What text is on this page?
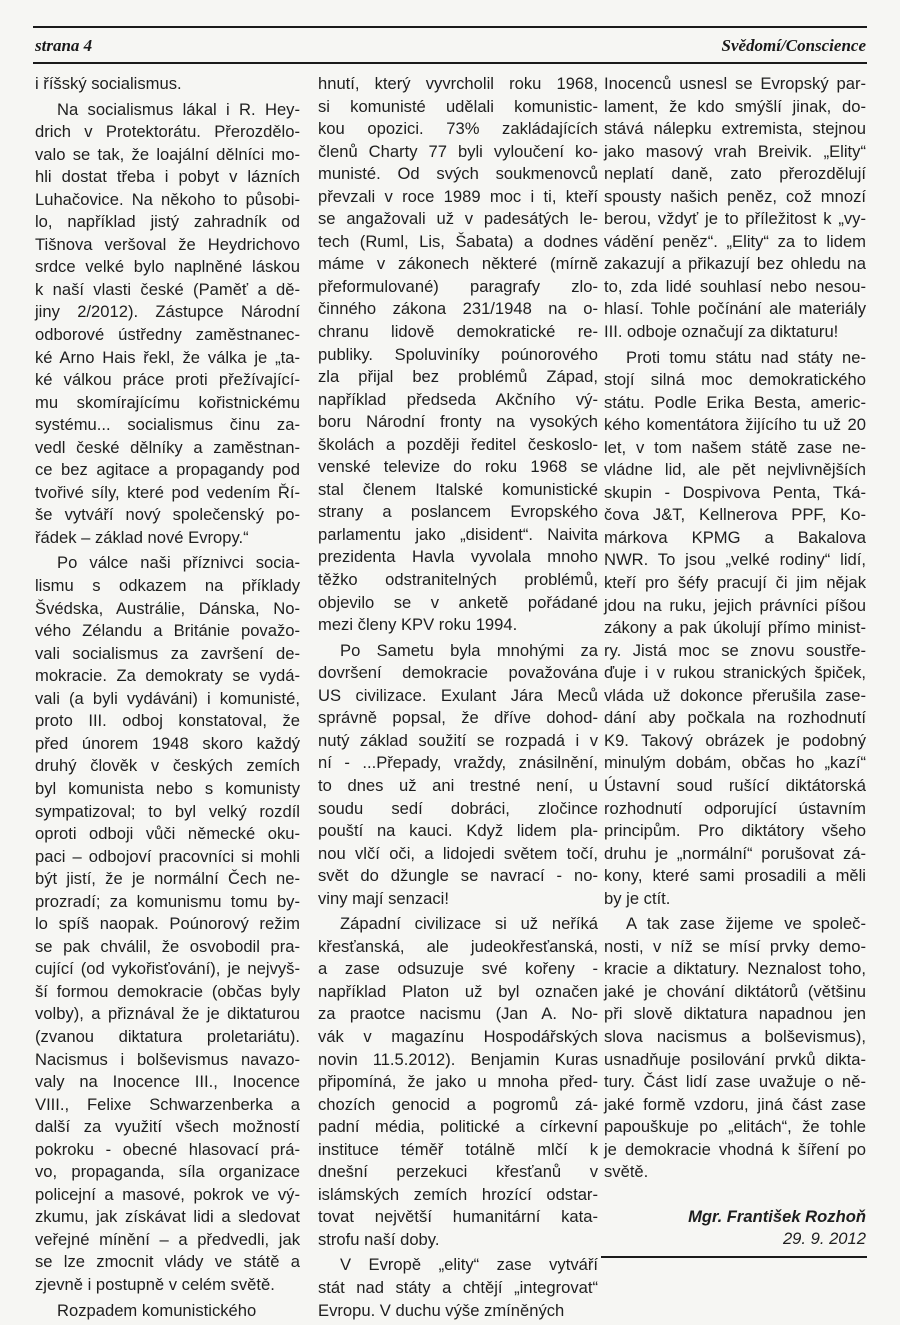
strana 4	Svědomí/Conscience

i říšský socialismus.

Na socialismus lákal i R. Hey-
drich v Protektorátu. Přerozdělo-
valo se tak, že loajální dělníci mo-
hli dostat třeba i pobyt v lázních
Luhačovice. Na někoho to působi-
lo, například jistý zahradník od
Tišnova veršoval že Heydrichovo
srdce velké bylo naplněné láskou
k naší vlasti české (Paměť a dě-
jiny 2/2012). Zástupce Národní
odborové ústředny zaměstnanec-
ké Arno Hais řekl, že válka je „ta-
ké válkou práce proti přežívající-
mu skomírajícímu kořistnickému
systému... socialismus činu za-
vedl české dělníky a zaměstnan-
ce bez agitace a propagandy pod
tvořivé síly, které pod vedením Ří-
še vytváří nový společenský po-
řádek – základ nové Evropy.“

Po válce naši příznivci socia-
lismu s odkazem na příklady
Švédska, Austrálie, Dánska, No-
vého Zélandu a Británie považo-
vali socialismus za završení de-
mokracie. Za demokraty se vydá-
vali (a byli vydáváni) i komunisté,
proto III. odboj konstatoval, že
před únorem 1948 skoro každý
druhý člověk v českých zemích
byl komunista nebo s komunisty
sympatizoval; to byl velký rozdíl
oproti odboji vůči německé oku-
paci – odbojoví pracovníci si mohli
být jistí, že je normální Čech ne-
prozradí; za komunismu tomu by-
lo spíš naopak. Poúnorový režim
se pak chválil, že osvobodil pra-
cující (od vykořisťování), je nejvyš-
ší formou demokracie (občas byly
volby), a přiznával že je diktaturou
(zvanou diktatura proletariátu).
Nacismus i bolševismus navazo-
valy na Inocence III., Inocence
VIII., Felixe Schwarzenberka a
další za využití všech možností
pokroku - obecné hlasovací prá-
vo, propaganda, síla organizace
policejní a masové, pokrok ve vý-
zkumu, jak získávat lidi a sledovat
veřejné mínění – a předvedli, jak
se lze zmocnit vlády ve státě a
zjevně i postupně v celém světě.

Rozpadem komunistického

hnutí, který vyvrcholil roku 1968,
si komunisté udělali komunistic-
kou opozici. 73% zakládajících
členů Charty 77 byli vyloučení ko-
munisté. Od svých soukmenovců
převzali v roce 1989 moc i ti, kteří
se angažovali už v padesátých le-
tech (Ruml, Lis, Šabata) a dodnes
máme v zákonech některé (mírně
přeformulované) paragrafy zlo-
činného zákona 231/1948 na o-
chranu lidově demokratické re-
publiky. Spoluviníky poúnorového
zla přijal bez problémů Západ,
například předseda Akčního vý-
boru Národní fronty na vysokých
školách a později ředitel českoslo-
venské televize do roku 1968 se
stal členem Italské komunistické
strany a poslancem Evropského
parlamentu jako „disident“. Naivita
prezidenta Havla vyvolala mnoho
těžko odstranitelných problémů,
objevilo se v anketě pořádané
mezi členy KPV roku 1994.

Po Sametu byla mnohými za
dovršení demokracie považována
US civilizace. Exulant Jára Meců
správně popsal, že dříve dohod-
nutý základ soužití se rozpadá i v
ní - ...Přepady, vraždy, znásilnění,
to dnes už ani trestné není, u
soudu sedí dobráci, zločince
pouští na kauci. Když lidem pla-
nou vlčí oči, a lidojedi světem točí,
svět do džungle se navrací - no-
viny mají senzaci!

Západní civilizace si už neříká
křesťanská, ale judeokřesťanská,
a zase odsuzuje své kořeny -
například Platon už byl označen
za praotce nacismu (Jan A. No-
vák v magazínu Hospodářských
novin 11.5.2012). Benjamin Kuras
připomíná, že jako u mnoha před-
chozích genocid a pogromů zá-
padní média, politické a církevní
instituce téměř totálně mlčí k
dnešní perzekuci křesťanů v
islámských zemích hrozící odstar-
tovat největší humanitární kata-
strofu naší doby.

V Evropě „elity“ zase vytváří
stát nad státy a chtějí „integrovat“
Evropu. V duchu výše zmíněných

Inocenců usnesl se Evropský par-
lament, že kdo smýšlí jinak, do-
stává nálepku extremista, stejnou
jako masový vrah Breivik. „Elity“
neplatí daně, zato přerozdělují
spousty našich peněz, což mnozí
berou, vždyť je to příležitost k „vy-
vádění peněz“. „Elity“ za to lidem
zakazují a přikazují bez ohledu na
to, zda lidé souhlasí nebo nesou-
hlasí. Tohle počínání ale materiály
III. odboje označují za diktaturu!

Proti tomu státu nad státy ne-
stojí silná moc demokratického
státu. Podle Erika Besta, americ-
kého komentátora žijícího tu už 20
let, v tom našem státě zase ne-
vládne lid, ale pět nejvlivnějších
skupin - Dospivova Penta, Tká-
čova J&T, Kellnerova PPF, Ko-
márkova KPMG a Bakalova
NWR. To jsou „velké rodiny“ lidí,
kteří pro šéfy pracují či jim nějak
jdou na ruku, jejich právníci píšou
zákony a pak úkolují přímo minist-
ry. Jistá moc se znovu soustře-
ďuje i v rukou stranických špiček,
vláda už dokonce přerušila zase-
dání aby počkala na rozhodnutí
K9. Takový obrázek je podobný
minulým dobám, občas ho „kazí“
Ústavní soud rušící diktátorská
rozhodnutí odporující ústavním
principům. Pro diktátory všeho
druhu je „normální“ porušovat zá-
kony, které sami prosadili a měli
by je ctít.

A tak zase žijeme ve společ-
nosti, v níž se mísí prvky demo-
kracie a diktatury. Neznalost toho,
jaké je chování diktátorů (většinu
při slově diktatura napadnou jen
slova nacismus a bolševismus),
usnadňuje posilování prvků dikta-
tury. Část lidí zase uvažuje o ně-
jaké formě vzdoru, jiná část zase
papouškuje po „elitách“, že tohle
je demokracie vhodná k šíření po
světě.

Mgr. František Rozhoň
29. 9. 2012
